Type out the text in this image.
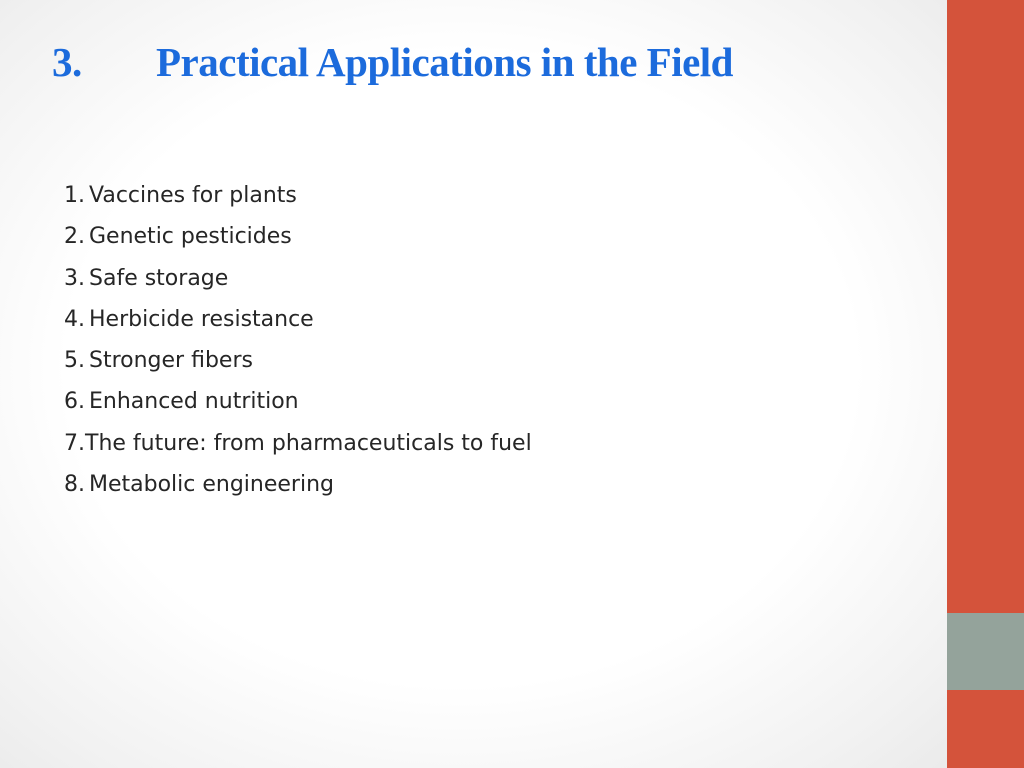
3. Practical Applications in the Field
1. Vaccines for plants
2. Genetic pesticides
3. Safe storage
4. Herbicide resistance
5. Stronger fibers
6. Enhanced nutrition
7.The future: from pharmaceuticals to fuel
8. Metabolic engineering
